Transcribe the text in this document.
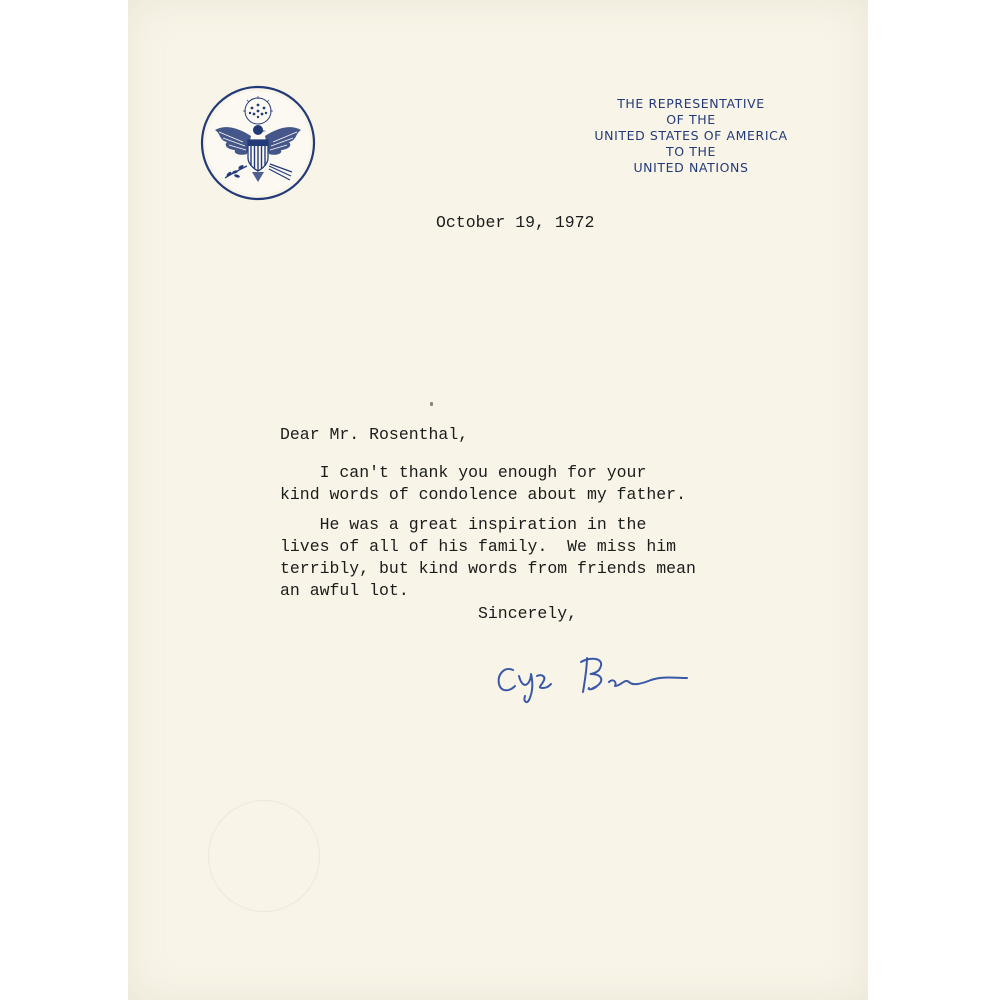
THE REPRESENTATIVE
OF THE
UNITED STATES OF AMERICA
TO THE
UNITED NATIONS
October 19, 1972
Dear Mr. Rosenthal,
I can't thank you enough for your
kind words of condolence about my father.
He was a great inspiration in the
lives of all of his family.  We miss him
terribly, but kind words from friends mean
an awful lot.
Sincerely,
